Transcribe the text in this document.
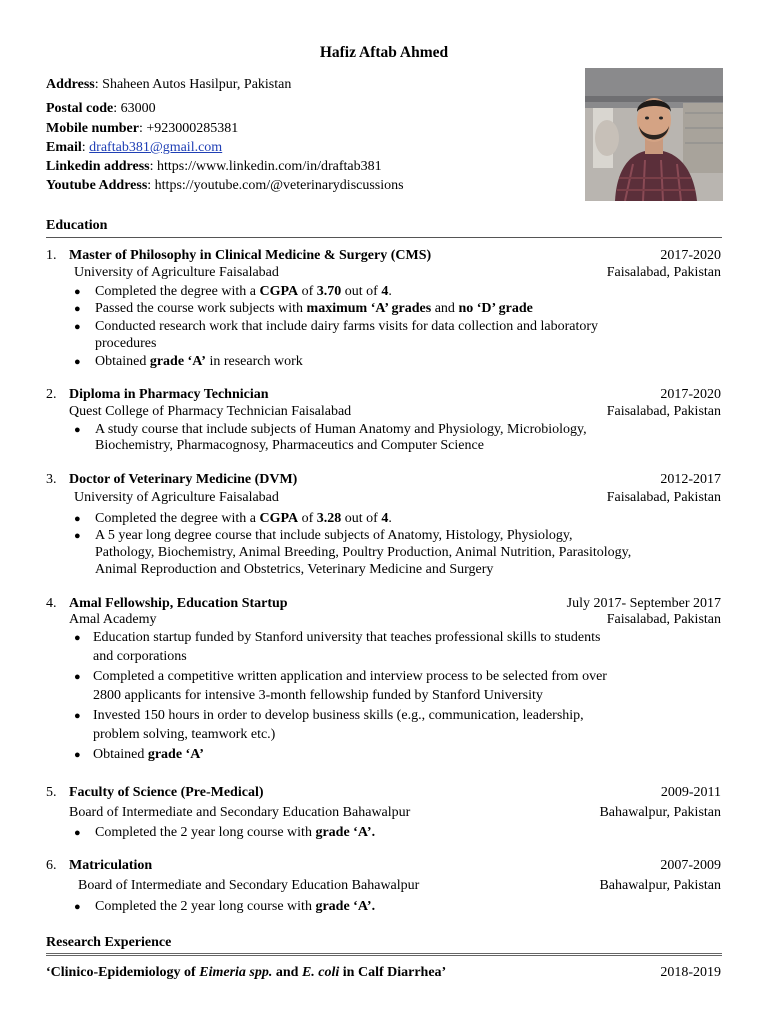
Hafiz Aftab Ahmed
Address: Shaheen Autos Hasilpur, Pakistan
Postal code: 63000
Mobile number: +923000285381
Email: draftab381@gmail.com
Linkedin address: https://www.linkedin.com/in/draftab381
Youtube Address: https://youtube.com/@veterinarydiscussions
Education
1. Master of Philosophy in Clinical Medicine & Surgery (CMS)	2017-2020
University of Agriculture Faisalabad	Faisalabad, Pakistan
● Completed the degree with a CGPA of 3.70 out of 4.
● Passed the course work subjects with maximum ‘A’ grades and no ‘D’ grade
● Conducted research work that include dairy farms visits for data collection and laboratory
procedures
● Obtained grade ‘A’ in research work
2. Diploma in Pharmacy Technician	2017-2020
Quest College of Pharmacy Technician Faisalabad	Faisalabad, Pakistan
● A study course that include subjects of Human Anatomy and Physiology, Microbiology,
Biochemistry, Pharmacognosy, Pharmaceutics and Computer Science
3. Doctor of Veterinary Medicine (DVM)	2012-2017
University of Agriculture Faisalabad	Faisalabad, Pakistan
● Completed the degree with a CGPA of 3.28 out of 4.
● A 5 year long degree course that include subjects of Anatomy, Histology, Physiology,
Pathology, Biochemistry, Animal Breeding, Poultry Production, Animal Nutrition, Parasitology,
Animal Reproduction and Obstetrics, Veterinary Medicine and Surgery
4. Amal Fellowship, Education Startup	July 2017- September 2017
Amal Academy	Faisalabad, Pakistan
● Education startup funded by Stanford university that teaches professional skills to students
and corporations
● Completed a competitive written application and interview process to be selected from over
2800 applicants for intensive 3-month fellowship funded by Stanford University
● Invested 150 hours in order to develop business skills (e.g., communication, leadership,
problem solving, teamwork etc.)
● Obtained grade ‘A’
5. Faculty of Science (Pre-Medical)	2009-2011
Board of Intermediate and Secondary Education Bahawalpur	Bahawalpur, Pakistan
● Completed the 2 year long course with grade ‘A’.
6. Matriculation	2007-2009
Board of Intermediate and Secondary Education Bahawalpur	Bahawalpur, Pakistan
● Completed the 2 year long course with grade ‘A’.
Research Experience
‘Clinico-Epidemiology of Eimeria spp. and E. coli in Calf Diarrhea’	2018-2019
